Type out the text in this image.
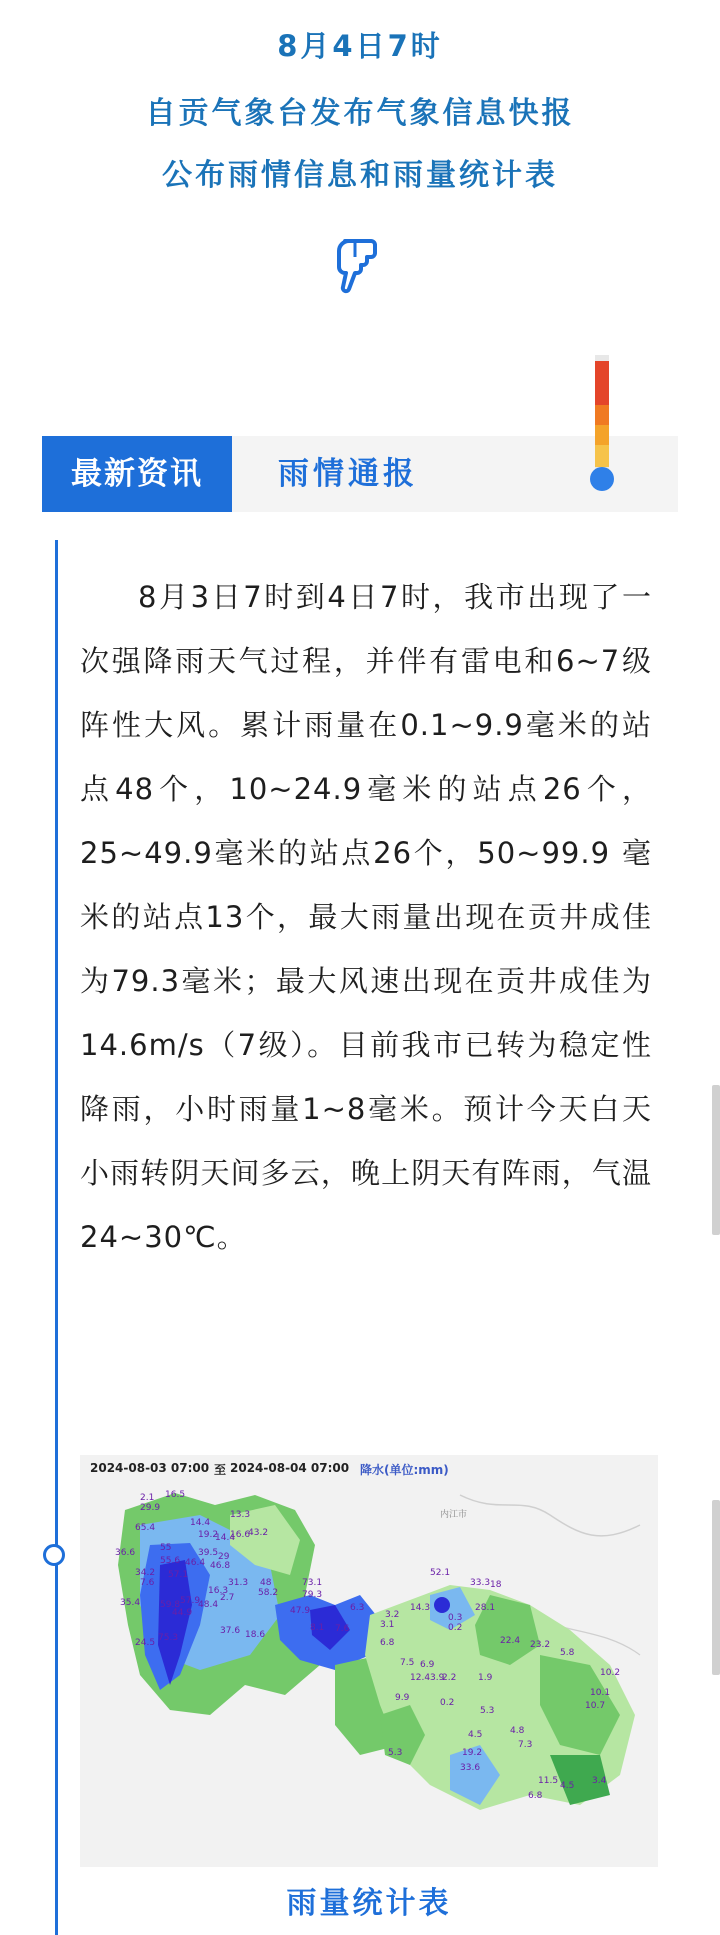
8月4日7时
自贡气象台发布气象信息快报
公布雨情信息和雨量统计表
最新资讯	雨情通报

8月3日7时到4日7时，我市出现了一次强降雨天气过程，并伴有雷电和6~7级阵性大风。累计雨量在0.1~9.9毫米的站点48个，10~24.9毫米的站点26个，25~49.9毫米的站点26个，50~99.9 毫米的站点13个，最大雨量出现在贡井成佳为79.3毫米；最大风速出现在贡井成佳为 14.6m/s（7级）。目前我市已转为稳定性降雨，小时雨量1~8毫米。预计今天白天小雨转阴天间多云，晚上阴天有阵雨，气温24~30℃。

2.1 16.5
29.9
65.4
36.6
34.2
7.6
55
55.6
57.1
46.4
35.4 59.8 57.9
44.9
48.4
24.5 75.3
14.4
19.2
13.3
14.4
16.6
43.2
39.5 29
46.8
31.3
16.3
2.7
37.6 18.6
48
58.2
73.1
79.3
47.9
8.1 7.6
6.3
3.2
14.3
52.1
33.3 18
28.1
0.3
0.2
3.1
6.8
7.5 6.9
12.4 3.9
2.2 1.9
22.4 23.2
5.8
10.2
10.1
10.7
9.9	0.2
4.5
19.2
33.6
4.8
7.3
5.3
11.5 4.5
6.8
3.4
5.3
2024-08-03 07:00 至 2024-08-04 07:00 降水(单位:mm)
内江市
雨量统计表
